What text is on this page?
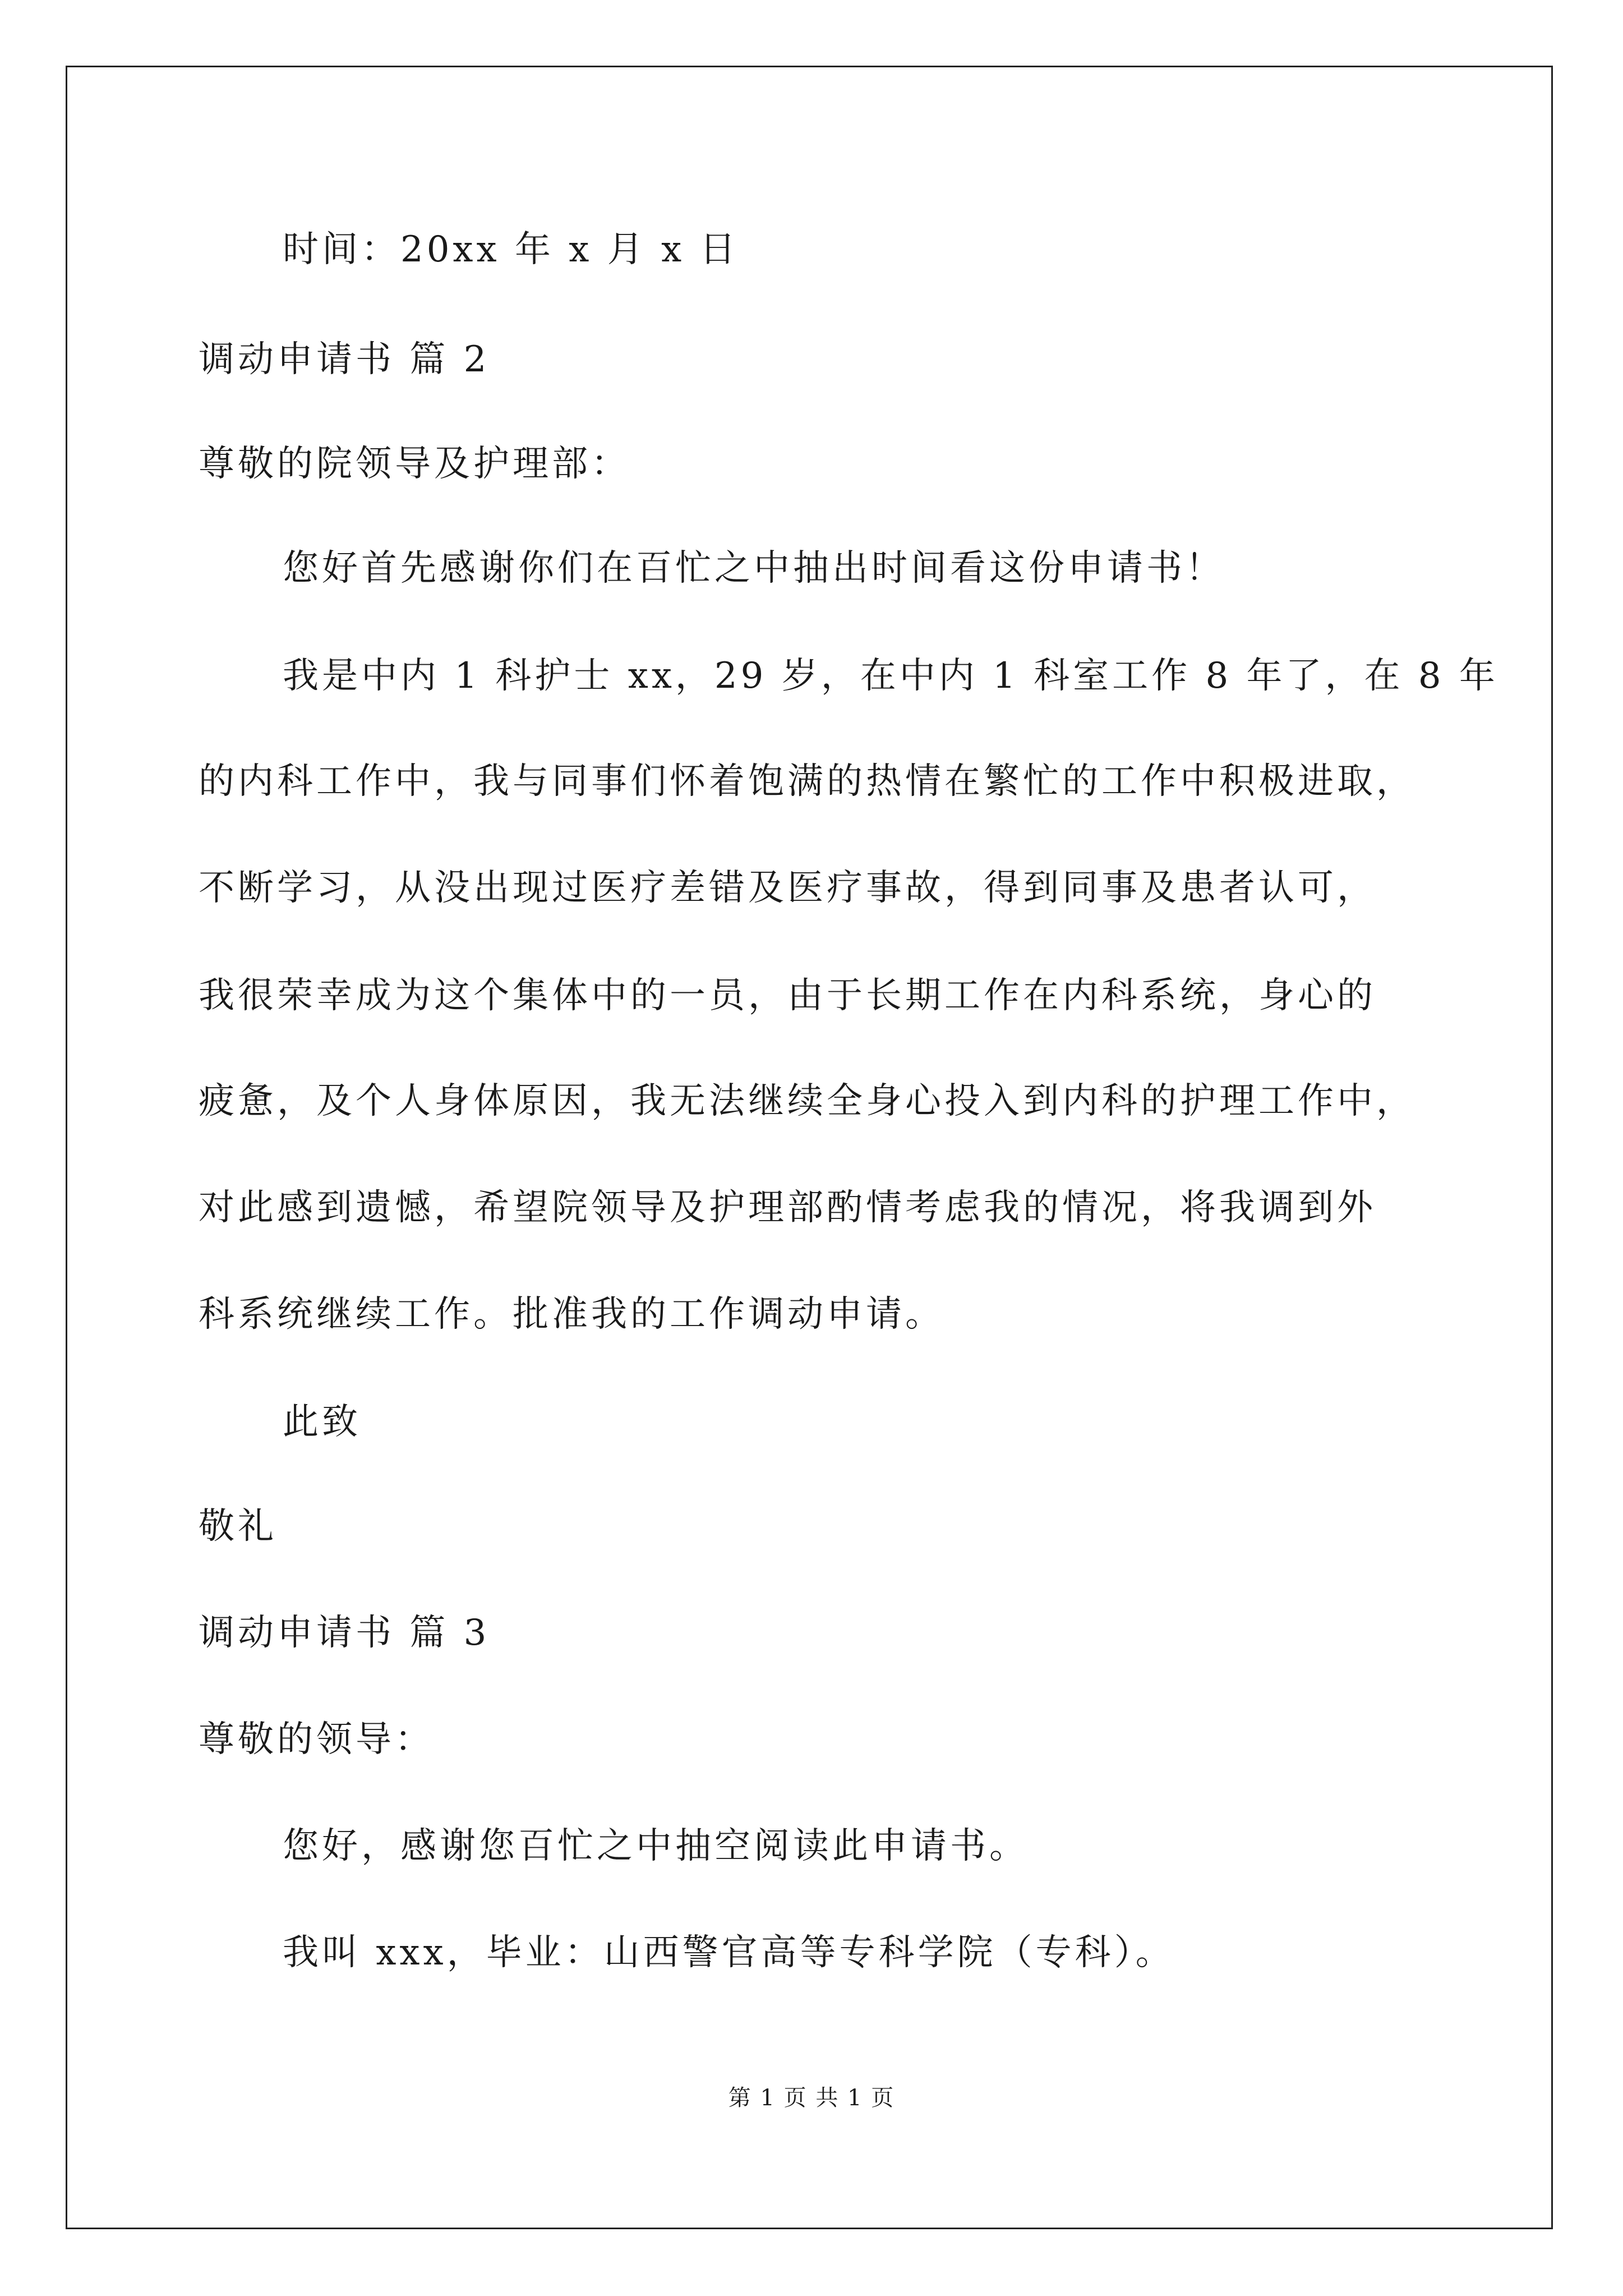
时间：20xx 年 x 月 x 日
调动申请书 篇 2
尊敬的院领导及护理部：
您好首先感谢你们在百忙之中抽出时间看这份申请书！
我是中内 1 科护士 xx，29 岁，在中内 1 科室工作 8 年了，在 8 年
的内科工作中，我与同事们怀着饱满的热情在繁忙的工作中积极进取，
不断学习，从没出现过医疗差错及医疗事故，得到同事及患者认可，
我很荣幸成为这个集体中的一员，由于长期工作在内科系统，身心的
疲惫，及个人身体原因，我无法继续全身心投入到内科的护理工作中，
对此感到遗憾，希望院领导及护理部酌情考虑我的情况，将我调到外
科系统继续工作。批准我的工作调动申请。
此致
敬礼
调动申请书 篇 3
尊敬的领导：
您好，感谢您百忙之中抽空阅读此申请书。
我叫 xxx，毕业：山西警官高等专科学院（专科）。
第 1 页 共 1 页
